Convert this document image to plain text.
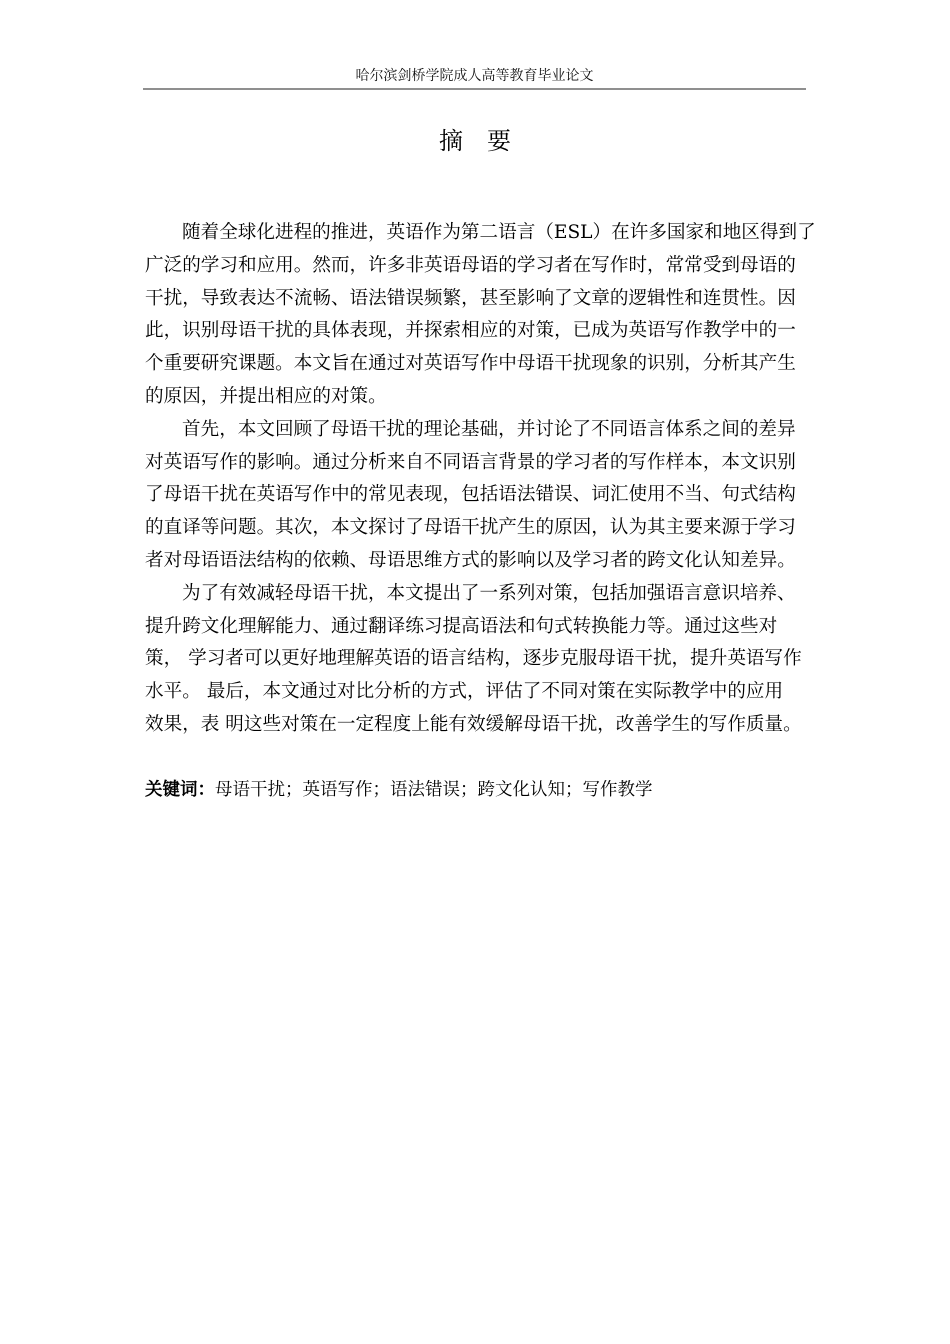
哈尔滨剑桥学院成人高等教育毕业论文
摘 要
随着全球化进程的推进，英语作为第二语言（ESL）在许多国家和地区得到了
广泛的学习和应用。然而，许多非英语母语的学习者在写作时，常常受到母语的
干扰，导致表达不流畅、语法错误频繁，甚至影响了文章的逻辑性和连贯性。因
此，识别母语干扰的具体表现，并探索相应的对策，已成为英语写作教学中的一
个重要研究课题。本文旨在通过对英语写作中母语干扰现象的识别，分析其产生
的原因，并提出相应的对策。
首先，本文回顾了母语干扰的理论基础，并讨论了不同语言体系之间的差异
对英语写作的影响。通过分析来自不同语言背景的学习者的写作样本，本文识别
了母语干扰在英语写作中的常见表现，包括语法错误、词汇使用不当、句式结构
的直译等问题。其次，本文探讨了母语干扰产生的原因，认为其主要来源于学习
者对母语语法结构的依赖、母语思维方式的影响以及学习者的跨文化认知差异。
为了有效减轻母语干扰，本文提出了一系列对策，包括加强语言意识培养、
提升跨文化理解能力、通过翻译练习提高语法和句式转换能力等。通过这些对
策， 学习者可以更好地理解英语的语言结构，逐步克服母语干扰，提升英语写作
水平。 最后，本文通过对比分析的方式，评估了不同对策在实际教学中的应用
效果，表 明这些对策在一定程度上能有效缓解母语干扰，改善学生的写作质量。
关键词：母语干扰；英语写作；语法错误；跨文化认知；写作教学
